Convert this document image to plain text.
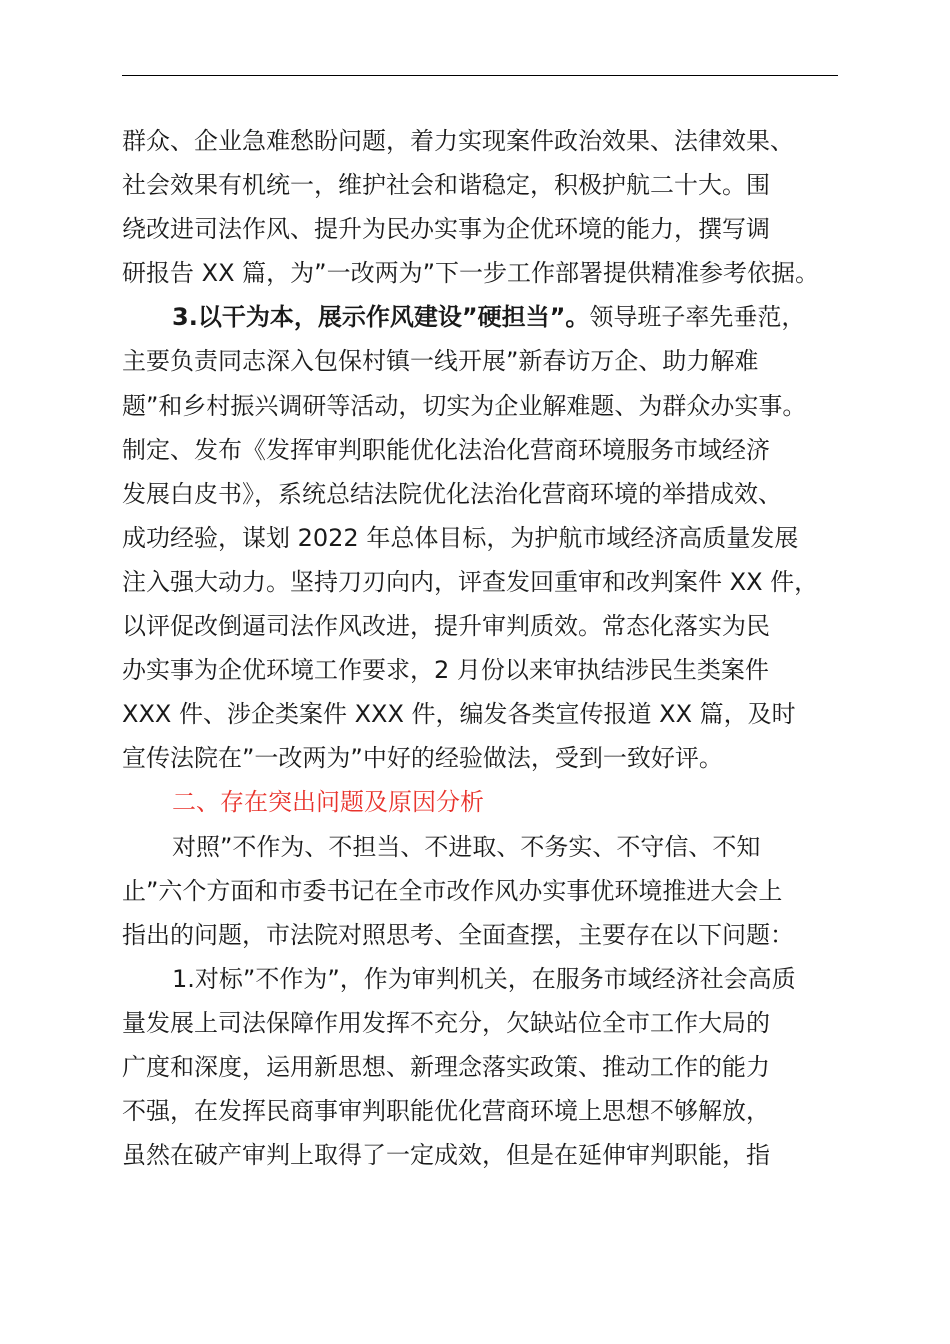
群众、企业急难愁盼问题，着力实现案件政治效果、法律效果、
社会效果有机统一，维护社会和谐稳定，积极护航二十大。围
绕改进司法作风、提升为民办实事为企优环境的能力，撰写调
研报告 XX 篇，为”一改两为”下一步工作部署提供精准参考依据。
3.以干为本，展示作风建设”硬担当”。领导班子率先垂范，
主要负责同志深入包保村镇一线开展”新春访万企、助力解难
题”和乡村振兴调研等活动，切实为企业解难题、为群众办实事。
制定、发布《发挥审判职能优化法治化营商环境服务市域经济
发展白皮书》，系统总结法院优化法治化营商环境的举措成效、
成功经验，谋划 2022 年总体目标，为护航市域经济高质量发展
注入强大动力。坚持刀刃向内，评查发回重审和改判案件 XX 件，
以评促改倒逼司法作风改进，提升审判质效。常态化落实为民
办实事为企优环境工作要求，2 月份以来审执结涉民生类案件
XXX 件、涉企类案件 XXX 件，编发各类宣传报道 XX 篇，及时
宣传法院在”一改两为”中好的经验做法，受到一致好评。
二、存在突出问题及原因分析
对照”不作为、不担当、不进取、不务实、不守信、不知
止”六个方面和市委书记在全市改作风办实事优环境推进大会上
指出的问题，市法院对照思考、全面查摆，主要存在以下问题：
1.对标”不作为”，作为审判机关，在服务市域经济社会高质
量发展上司法保障作用发挥不充分，欠缺站位全市工作大局的
广度和深度，运用新思想、新理念落实政策、推动工作的能力
不强，在发挥民商事审判职能优化营商环境上思想不够解放，
虽然在破产审判上取得了一定成效，但是在延伸审判职能，指
